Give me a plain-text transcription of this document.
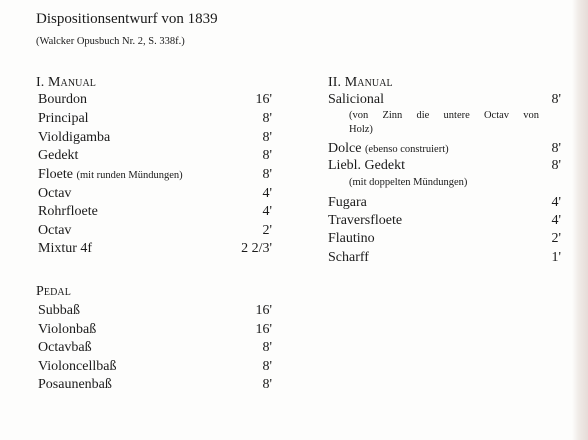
Dispositionsentwurf von 1839
(Walcker Opusbuch Nr. 2, S. 338f.)
I. Manual
Bourdon	16'
Principal	8'
Violdigamba	8'
Gedekt	8'
Floete (mit runden Mündungen)	8'
Octav	4'
Rohrfloete	4'
Octav	2'
Mixtur 4f	2 2/3'
Pedal
Subbaß	16'
Violonbaß	16'
Octavbaß	8'
Violoncellbaß	8'
Posaunenbaß	8'
II. Manual
Salicional	8'
(von Zinn die untere Octav von
Holz)
Dolce (ebenso construiert)	8'
Liebl. Gedekt	8'
(mit doppelten Mündungen)
Fugara	4'
Traversfloete	4'
Flautino	2'
Scharff	1'
